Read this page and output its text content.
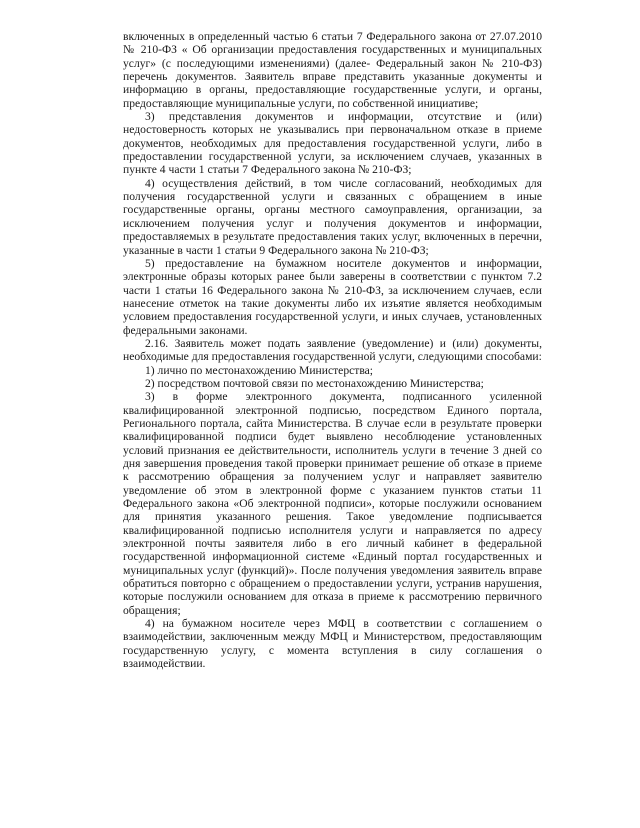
включенных в определенный частью 6 статьи 7 Федерального закона от 27.07.2010 № 210-ФЗ « Об организации предоставления государственных и муниципальных услуг» (с последующими изменениями) (далее- Федеральный закон № 210-ФЗ) перечень документов. Заявитель вправе представить указанные документы и информацию в органы, предоставляющие государственные услуги, и органы, предоставляющие муниципальные услуги, по собственной инициативе;

3) представления документов и информации, отсутствие и (или) недостоверность которых не указывались при первоначальном отказе в приеме документов, необходимых для предоставления государственной услуги, либо в предоставлении государственной услуги, за исключением случаев, указанных в пункте 4 части 1 статьи 7 Федерального закона № 210-ФЗ;

4) осуществления действий, в том числе согласований, необходимых для получения государственной услуги и связанных с обращением в иные государственные органы, органы местного самоуправления, организации, за исключением получения услуг и получения документов и информации, предоставляемых в результате предоставления таких услуг, включенных в перечни, указанные в части 1 статьи 9 Федерального закона № 210-ФЗ;

5) предоставление на бумажном носителе документов и информации, электронные образы которых ранее были заверены в соответствии с пунктом 7.2 части 1 статьи 16 Федерального закона № 210-ФЗ, за исключением случаев, если нанесение отметок на такие документы либо их изъятие является необходимым условием предоставления государственной услуги, и иных случаев, установленных федеральными законами.

2.16. Заявитель может подать заявление (уведомление) и (или) документы, необходимые для предоставления государственной услуги, следующими способами:

1) лично по местонахождению Министерства;

2) посредством почтовой связи по местонахождению Министерства;

3) в форме электронного документа, подписанного усиленной квалифицированной электронной подписью, посредством Единого портала, Регионального портала, сайта Министерства. В случае если в результате проверки квалифицированной подписи будет выявлено несоблюдение установленных условий признания ее действительности, исполнитель услуги в течение 3 дней со дня завершения проведения такой проверки принимает решение об отказе в приеме к рассмотрению обращения за получением услуг и направляет заявителю уведомление об этом в электронной форме с указанием пунктов статьи 11 Федерального закона «Об электронной подписи», которые послужили основанием для принятия указанного решения. Такое уведомление подписывается квалифицированной подписью исполнителя услуги и направляется по адресу электронной почты заявителя либо в его личный кабинет в федеральной государственной информационной системе «Единый портал государственных и муниципальных услуг (функций)». После получения уведомления заявитель вправе обратиться повторно с обращением о предоставлении услуги, устранив нарушения, которые послужили основанием для отказа в приеме к рассмотрению первичного обращения;

4) на бумажном носителе через МФЦ в соответствии с соглашением о взаимодействии, заключенным между МФЦ и Министерством, предоставляющим государственную услугу, с момента вступления в силу соглашения о взаимодействии.
